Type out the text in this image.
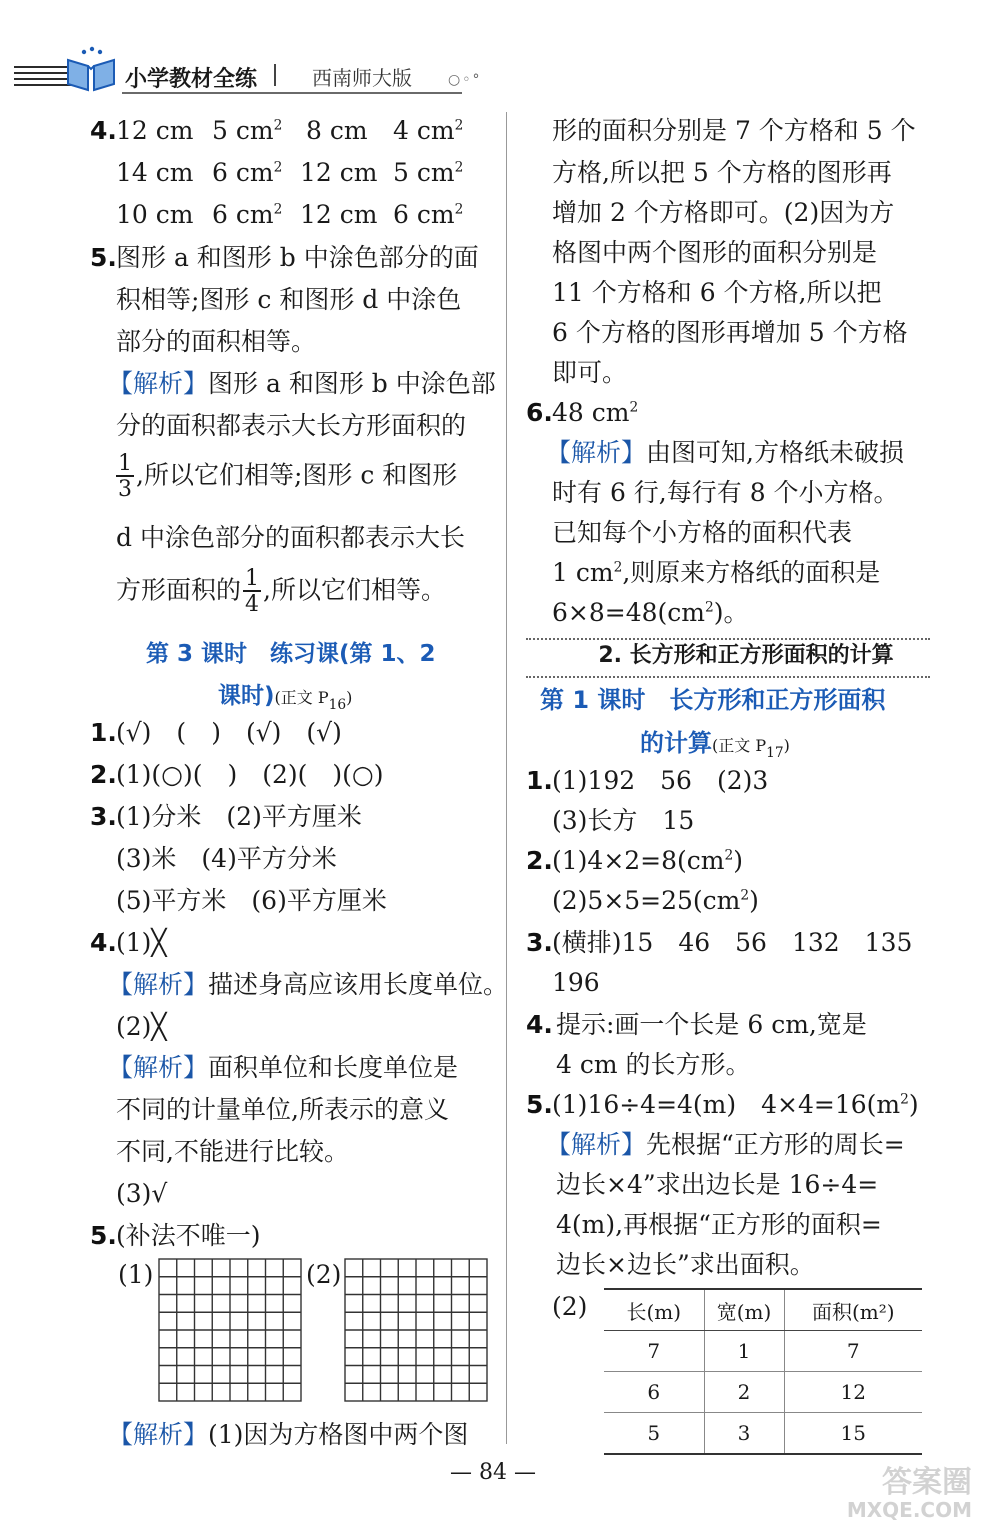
小学教材全练	西南师大版	○◦°
4. 12 cm 5 $cm^2$ 8 cm 4 $cm^2$
14 cm 6 $cm^2$ 12 cm 5 $cm^2$
10 cm 6 $cm^2$ 12 cm 6 $cm^2$
5. 图形 a 和图形 b 中涂色部分的面
积相等;图形 c 和图形 d 中涂色
部分的面积相等。
【解析】图形 a 和图形 b 中涂色部
分的面积都表示大长方形面积的
$\frac{1}{3}$ ,所以它们相等;图形 c 和图形
d 中涂色部分的面积都表示大长
方形面积的 $\frac{1}{4}$ ,所以它们相等。
第 3 课时　练习课(第 1、2
课时)(正文 $P_{16}$)
1. (√)　(　)　(√)　(√)
2. (1)(○)(　)　(2)(　)(○)
3. (1)分米　(2)平方厘米
(3)米　(4)平方分米
(5)平方米　(6)平方厘米
4. (1)╳
【解析】描述身高应该用长度单位。
(2)╳
【解析】面积单位和长度单位是
不同的计量单位,所表示的意义
不同,不能进行比较。
(3)√
5. (补法不唯一)
(1)	(2)
【解析】(1)因为方格图中两个图
形的面积分别是 7 个方格和 5 个
方格,所以把 5 个方格的图形再
增加 2 个方格即可。(2)因为方
格图中两个图形的面积分别是
11 个方格和 6 个方格,所以把
6 个方格的图形再增加 5 个方格
即可。
6. 48 $cm^2$
【解析】由图可知,方格纸未破损
时有 6 行,每行有 8 个小方格。
已知每个小方格的面积代表
1 $cm^2$,则原来方格纸的面积是
$6\times 8=48(cm^2)$。
2. 长方形和正方形面积的计算
第 1 课时　长方形和正方形面积
的计算(正文 $P_{17}$)
1. (1)192　56　(2)3
(3)长方　15
2. $(1)4\times 2=8(cm^2)$
$(2)5\times 5=25(cm^2)$
3. (横排)15　46　56　132　135
196
4. 提示:画一个长是 6 cm,宽是
4 cm 的长方形。
5. (1)16÷4=4(m)　$4\times 4=16(m^2)$
【解析】先根据“正方形的周长=
边长×4”求出边长是 16÷4=
4(m),再根据“正方形的面积=
边长×边长”求出面积。
(2) 长(m)	宽(m)	面积(m²)
7	1	7
6	2	12
5	3	15
— 84 —	答案圈
MXQE.COM
